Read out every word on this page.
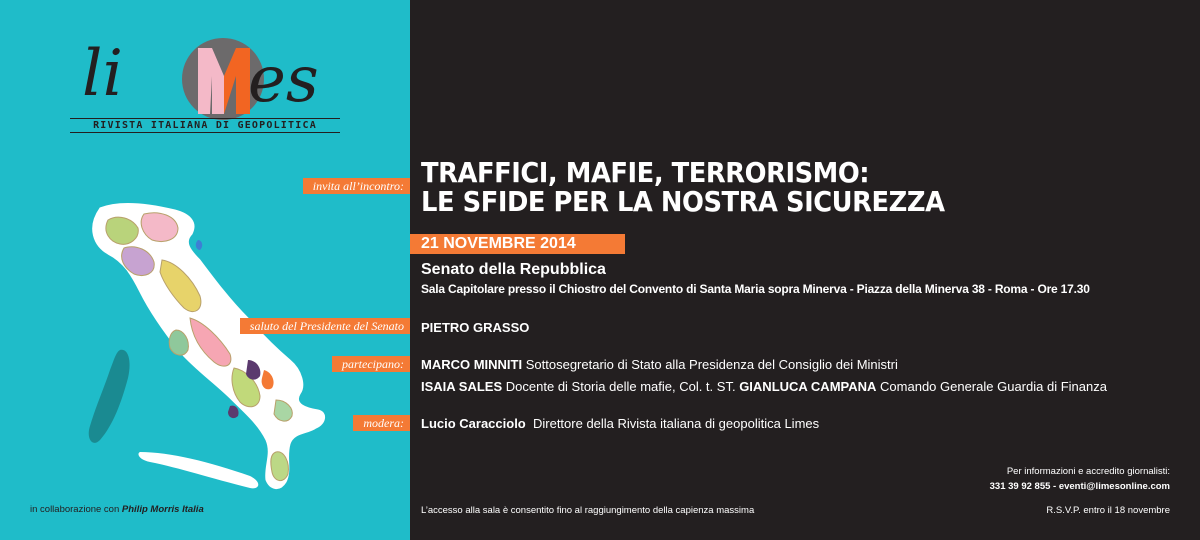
li es
RIVISTA ITALIANA DI GEOPOLITICA
invita all’incontro:
saluto del Presidente del Senato
partecipano:
modera:
TRAFFICI, MAFIE, TERRORISMO:
LE SFIDE PER LA NOSTRA SICUREZZA
21 NOVEMBRE 2014
Senato della Repubblica
Sala Capitolare presso il Chiostro del Convento di Santa Maria sopra Minerva - Piazza della Minerva 38 - Roma - Ore 17.30
PIETRO GRASSO
MARCO MINNITI Sottosegretario di Stato alla Presidenza del Consiglio dei Ministri
ISAIA SALES Docente di Storia delle mafie, Col. t. ST. GIANLUCA CAMPANA Comando Generale Guardia di Finanza
Lucio Caracciolo Direttore della Rivista italiana di geopolitica Limes
in collaborazione con Philip Morris Italia	L’accesso alla sala è consentito fino al raggiungimento della capienza massima
Per informazioni e accredito giornalisti:
331 39 92 855 - eventi@limesonline.com
R.S.V.P. entro il 18 novembre
